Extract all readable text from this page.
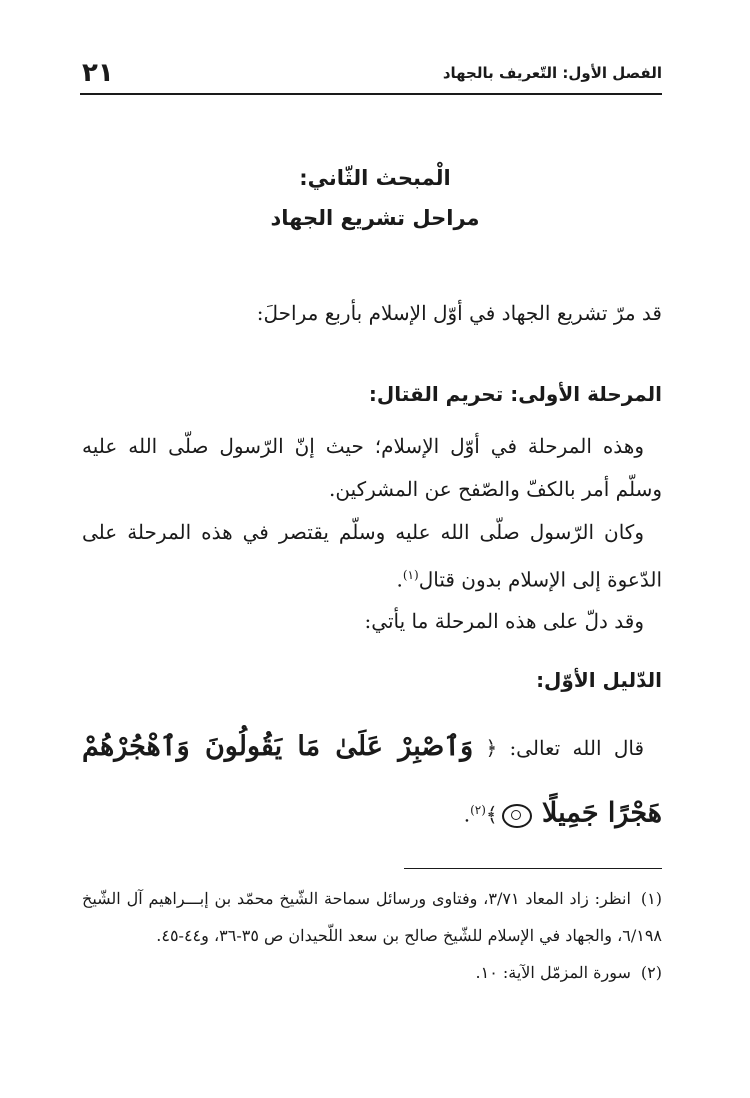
٢١	الفصل الأول: التّعريف بالجهاد
الْمبحث الثّاني:
مراحل تشريع الجهاد
قد مرّ تشريع الجهاد في أوّل الإسلام بأربع مراحلَ:
المرحلة الأولى: تحريم القتال:
وهذه المرحلة في أوّل الإسلام؛ حيث إنّ الرّسول صلّى الله عليه وسلّم أمر بالكفّ والصّفح عن المشركين.
وكان الرّسول صلّى الله عليه وسلّم يقتصر في هذه المرحلة على الدّعوة إلى الإسلام بدون قتال$^{(١)}$.
وقد دلّ على هذه المرحلة ما يأتي:
الدّليل الأوّل:
قال الله تعالى: ﴿ وَٱصْبِرْ عَلَىٰ مَا يَقُولُونَ وَٱهْجُرْهُمْ هَجْرًا جَمِيلًا ﴾$^{(٢)}$.

(١)انظر: زاد المعاد ٣/٧١، وفتاوى ورسائل سماحة الشّيخ محمّد بن إبـــراهيم آل الشّيخ ٦/١٩٨، والجهاد في الإسلام للشّيخ صالح بن سعد اللّحيدان ص ٣٥-٣٦، و٤٤-٤٥.

(٢)سورة المزمّل الآية: ١٠.
